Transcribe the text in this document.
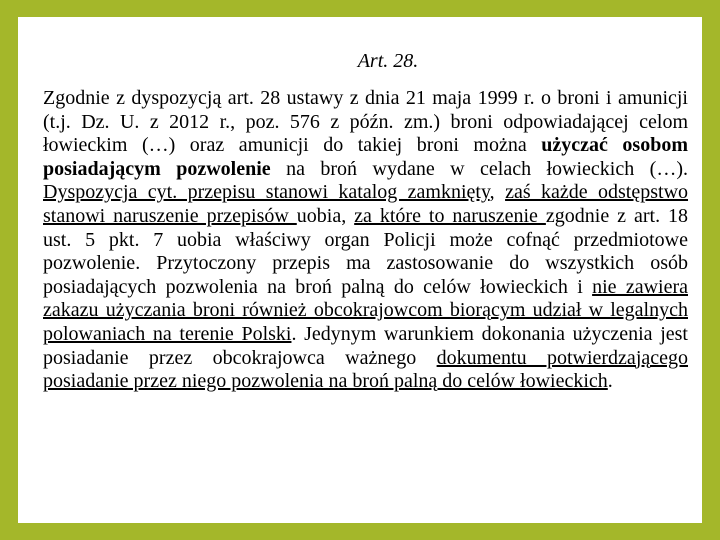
Art. 28.
Zgodnie z dyspozycją art. 28 ustawy z dnia 21 maja 1999 r. o broni i amunicji (t.j. Dz. U. z 2012 r., poz. 576 z późn. zm.) broni odpowiadającej celom łowieckim (…) oraz amunicji do takiej broni można użyczać osobom posiadającym pozwolenie na broń wydane w celach łowieckich (…). Dyspozycja cyt. przepisu stanowi katalog zamknięty, zaś każde odstępstwo stanowi naruszenie przepisów uobia, za które to naruszenie zgodnie z art. 18 ust. 5 pkt. 7 uobia właściwy organ Policji może cofnąć przedmiotowe pozwolenie. Przytoczony przepis ma zastosowanie do wszystkich osób posiadających pozwolenia na broń palną do celów łowieckich i nie zawiera zakazu użyczania broni również obcokrajowcom biorącym udział w legalnych polowaniach na terenie Polski. Jedynym warunkiem dokonania użyczenia jest posiadanie przez obcokrajowca ważnego dokumentu potwierdzającego posiadanie przez niego pozwolenia na broń palną do celów łowieckich.
